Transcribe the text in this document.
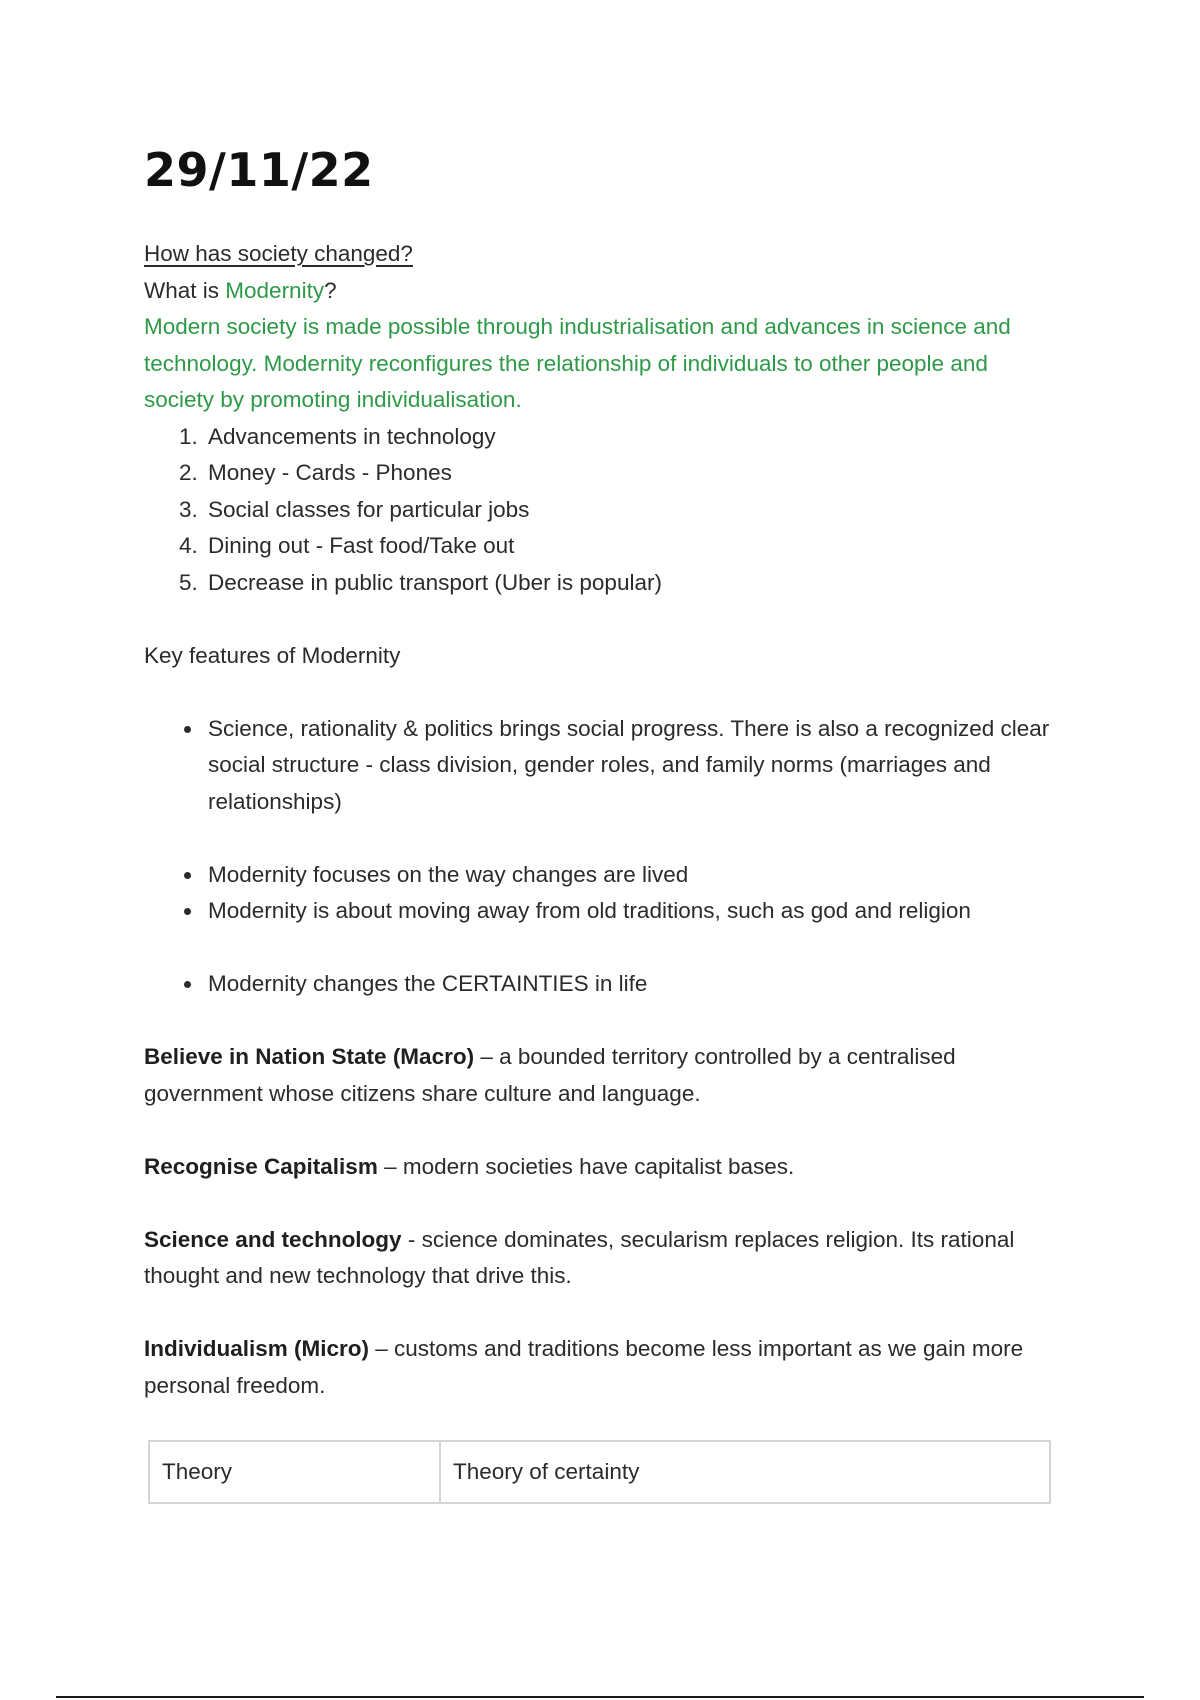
29/11/22

How has society changed?

What is Modernity?

Modern society is made possible through industrialisation and advances in science and technology. Modernity reconfigures the relationship of individuals to other people and society by promoting individualisation.

1. Advancements in technology
2. Money - Cards - Phones
3. Social classes for particular jobs
4. Dining out - Fast food/Take out
5. Decrease in public transport (Uber is popular)

Key features of Modernity

• Science, rationality & politics brings social progress. There is also a recognized clear social structure - class division, gender roles, and family norms (marriages and relationships)
• Modernity focuses on the way changes are lived
• Modernity is about moving away from old traditions, such as god and religion
• Modernity changes the CERTAINTIES in life

Believe in Nation State (Macro) – a bounded territory controlled by a centralised government whose citizens share culture and language.

Recognise Capitalism – modern societies have capitalist bases.

Science and technology - science dominates, secularism replaces religion. Its rational thought and new technology that drive this.

Individualism (Micro) – customs and traditions become less important as we gain more personal freedom.

Theory	Theory of certainty
